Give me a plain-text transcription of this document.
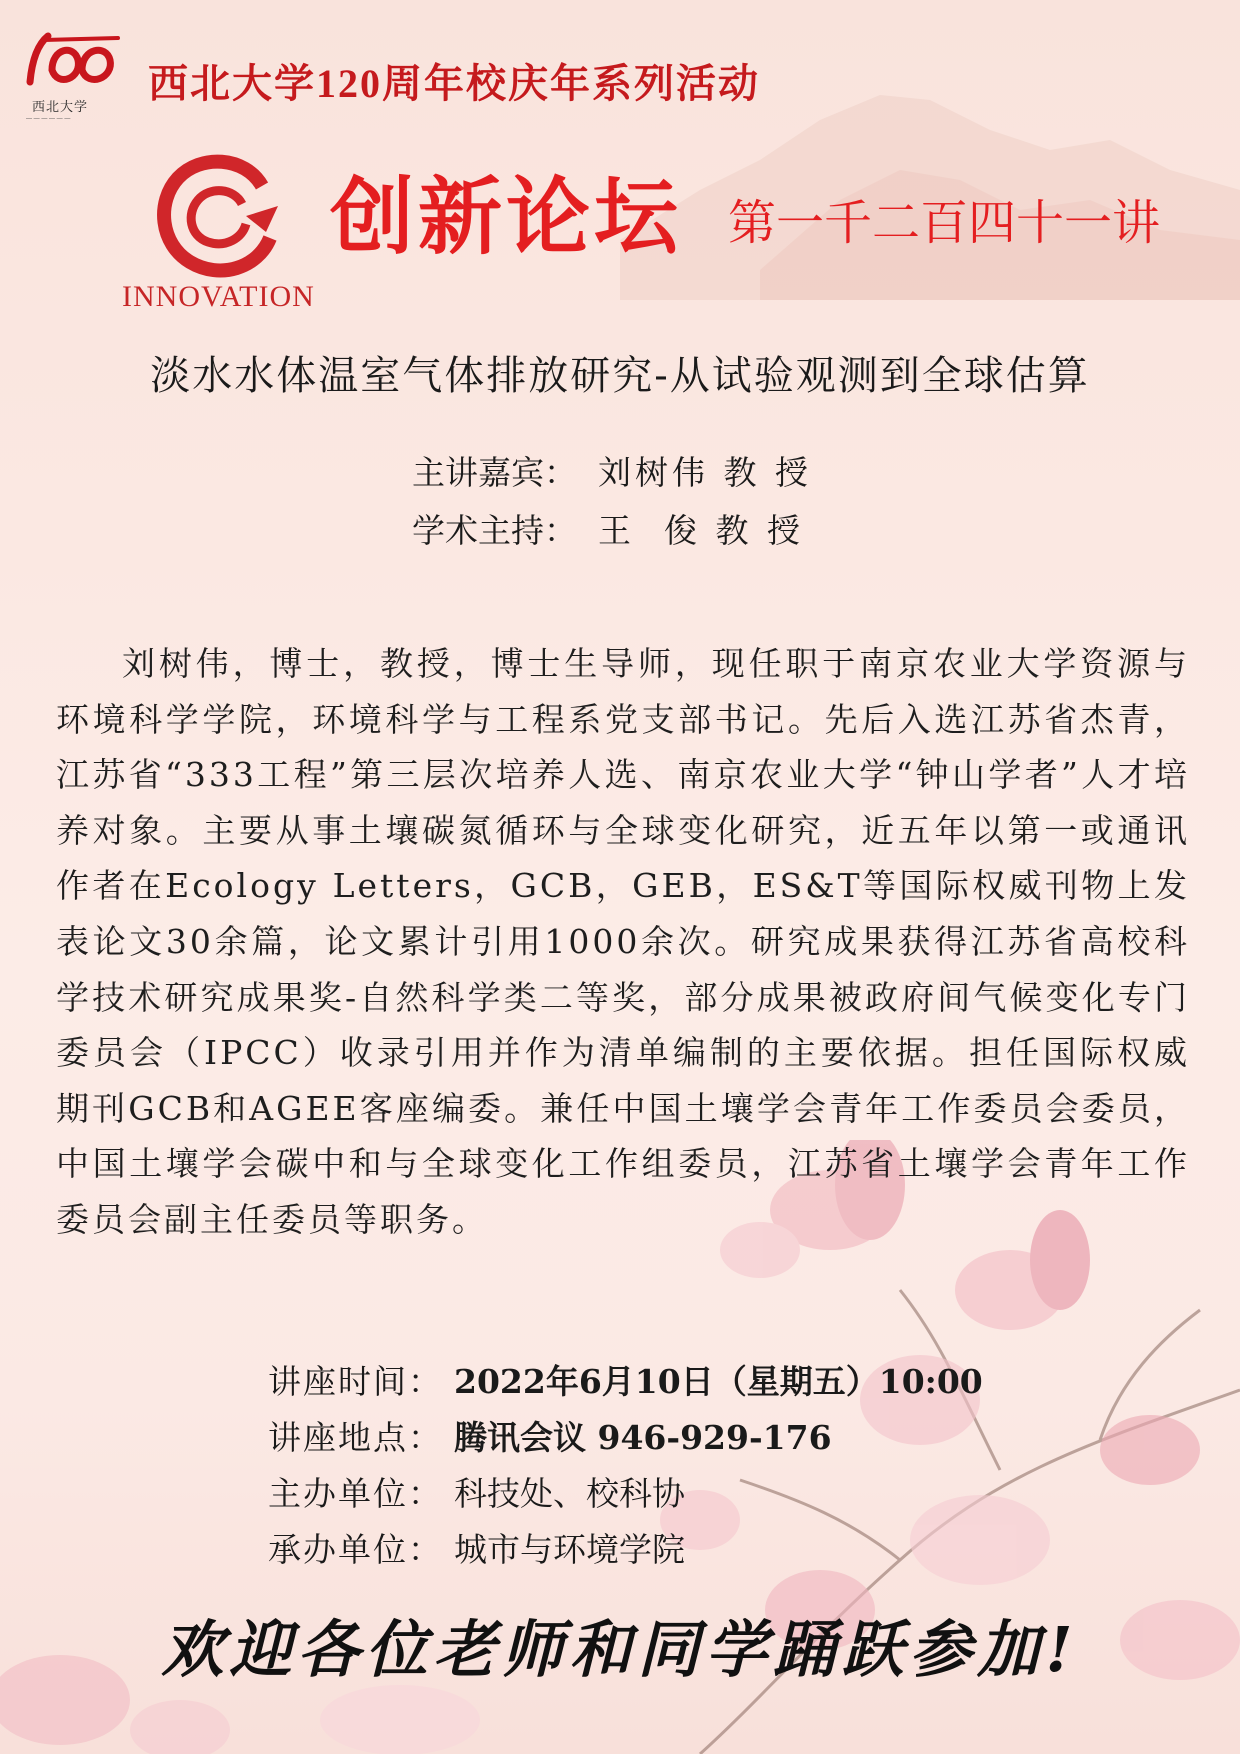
西北大学
— — — — — —
西北大学120周年校庆年系列活动
INNOVATION
创新论坛 第一千二百四十一讲
淡水水体温室气体排放研究-从试验观测到全球估算
主讲嘉宾： 刘树伟 教 授
学术主持： 王  俊 教 授
刘树伟，博士，教授，博士生导师，现任职于南京农业大学资源与环境科学学院，环境科学与工程系党支部书记。先后入选江苏省杰青，江苏省“333工程”第三层次培养人选、南京农业大学“钟山学者”人才培养对象。主要从事土壤碳氮循环与全球变化研究，近五年以第一或通讯作者在Ecology Letters，GCB，GEB，ES&T等国际权威刊物上发表论文30余篇，论文累计引用1000余次。研究成果获得江苏省高校科学技术研究成果奖-自然科学类二等奖，部分成果被政府间气候变化专门委员会（IPCC）收录引用并作为清单编制的主要依据。担任国际权威期刊GCB和AGEE客座编委。兼任中国土壤学会青年工作委员会委员，中国土壤学会碳中和与全球变化工作组委员，江苏省土壤学会青年工作委员会副主任委员等职务。
讲座时间： 2022年6月10日（星期五）10:00
讲座地点： 腾讯会议 946-929-176
主办单位： 科技处、校科协
承办单位： 城市与环境学院
欢迎各位老师和同学踊跃参加!
